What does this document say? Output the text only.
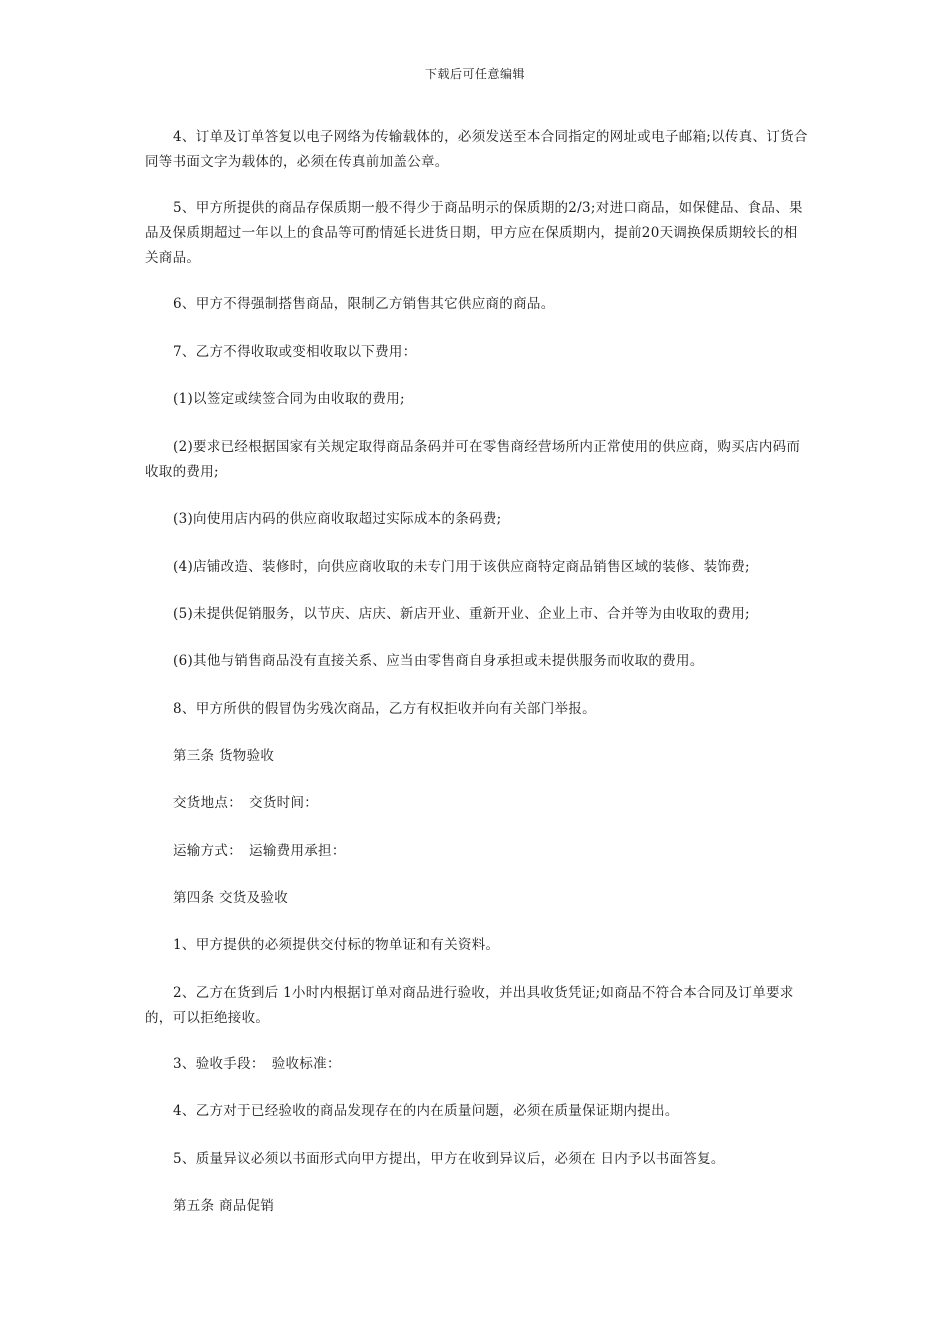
下载后可任意编辑

4、订单及订单答复以电子网络为传输载体的，必须发送至本合同指定的网址或电子邮箱;以传真、订货合同等书面文字为载体的，必须在传真前加盖公章。

5、甲方所提供的商品存保质期一般不得少于商品明示的保质期的2/3;对进口商品，如保健品、食品、果品及保质期超过一年以上的食品等可酌情延长进货日期，甲方应在保质期内，提前20天调换保质期较长的相关商品。

6、甲方不得强制搭售商品，限制乙方销售其它供应商的商品。

7、乙方不得收取或变相收取以下费用：

(1)以签定或续签合同为由收取的费用;

(2)要求已经根据国家有关规定取得商品条码并可在零售商经营场所内正常使用的供应商，购买店内码而收取的费用;

(3)向使用店内码的供应商收取超过实际成本的条码费;

(4)店铺改造、装修时，向供应商收取的未专门用于该供应商特定商品销售区域的装修、装饰费;

(5)未提供促销服务，以节庆、店庆、新店开业、重新开业、企业上市、合并等为由收取的费用;

(6)其他与销售商品没有直接关系、应当由零售商自身承担或未提供服务而收取的费用。

8、甲方所供的假冒伪劣残次商品，乙方有权拒收并向有关部门举报。

第三条 货物验收

交货地点：　交货时间：

运输方式：　运输费用承担：

第四条 交货及验收

1、甲方提供的必须提供交付标的物单证和有关资料。

2、乙方在货到后 1小时内根据订单对商品进行验收，并出具收货凭证;如商品不符合本合同及订单要求的，可以拒绝接收。

3、验收手段：　验收标准：

4、乙方对于已经验收的商品发现存在的内在质量问题，必须在质量保证期内提出。

5、质量异议必须以书面形式向甲方提出，甲方在收到异议后，必须在 日内予以书面答复。

第五条 商品促销
